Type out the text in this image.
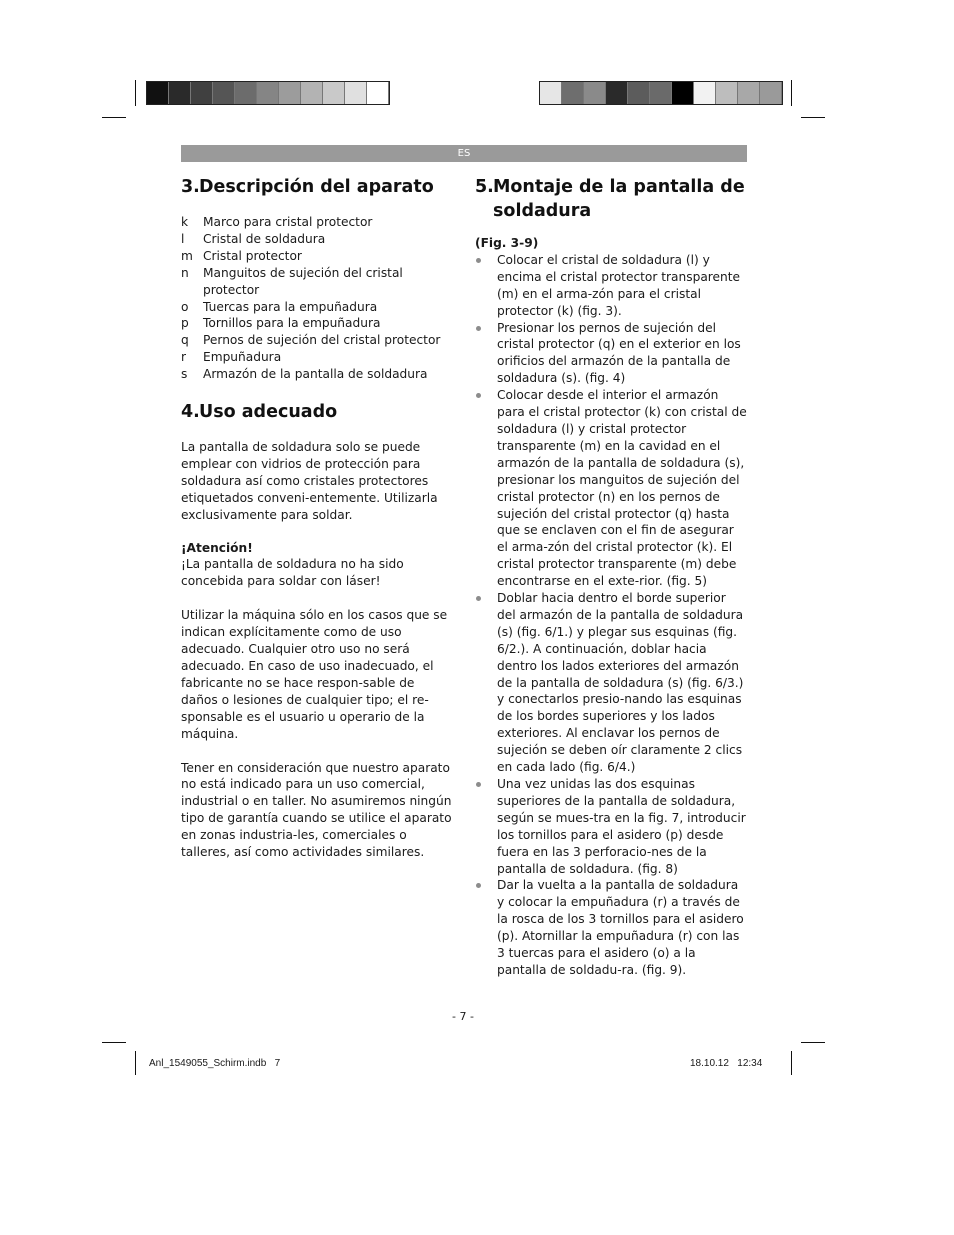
ES
3.Descripción del aparato
k	Marco para cristal protector
l	Cristal de soldadura
m Cristal protector
n	Manguitos de sujeción del cristal protector
o	Tuercas para la empuñadura
p	Tornillos para la empuñadura
q	Pernos de sujeción del cristal protector
r	Empuñadura
s	Armazón de la pantalla de soldadura
4.Uso adecuado

La pantalla de soldadura solo se puede emplear con vidrios de protección para soldadura así como cristales protectores etiquetados conveni-entemente. Utilizarla exclusivamente para soldar.

¡Atención!

¡La pantalla de soldadura no ha sido concebida para soldar con láser!

Utilizar la máquina sólo en los casos que se indican explícitamente como de uso adecuado. Cualquier otro uso no será adecuado. En caso de uso inadecuado, el fabricante no se hace respon-sable de daños o lesiones de cualquier tipo; el re-sponsable es el usuario u operario de la máquina.

Tener en consideración que nuestro aparato no está indicado para un uso comercial, industrial o en taller. No asumiremos ningún tipo de garantía cuando se utilice el aparato en zonas industria-les, comerciales o talleres, así como actividades similares.

5.Montaje de la pantalla de
soldadura

(Fig. 3-9)

Colocar el cristal de soldadura (l) y encima el cristal protector transparente (m) en el arma-zón para el cristal protector (k) (fig. 3).
Presionar los pernos de sujeción del cristal protector (q) en el exterior en los orificios del armazón de la pantalla de soldadura (s). (fig. 4)
Colocar desde el interior el armazón para el cristal protector (k) con cristal de soldadura (l) y cristal protector transparente (m) en la cavidad en el armazón de la pantalla de soldadura (s), presionar los manguitos de sujeción del cristal protector (n) en los pernos de sujeción del cristal protector (q) hasta que se enclaven con el fin de asegurar el arma-zón del cristal protector (k). El cristal protector transparente (m) debe encontrarse en el exte-rior. (fig. 5)
Doblar hacia dentro el borde superior del armazón de la pantalla de soldadura (s) (fig. 6/1.) y plegar sus esquinas (fig. 6/2.). A continuación, doblar hacia dentro los lados exteriores del armazón de la pantalla de soldadura (s) (fig. 6/3.) y conectarlos presio-nando las esquinas de los bordes superiores y los lados exteriores. Al enclavar los pernos de sujeción se deben oír claramente 2 clics en cada lado (fig. 6/4.)
Una vez unidas las dos esquinas superiores de la pantalla de soldadura, según se mues-tra en la fig. 7, introducir los tornillos para el asidero (p) desde fuera en las 3 perforacio-nes de la pantalla de soldadura. (fig. 8)
Dar la vuelta a la pantalla de soldadura y colocar la empuñadura (r) a través de la rosca de los 3 tornillos para el asidero (p). Atornillar la empuñadura (r) con las 3 tuercas para el asidero (o) a la pantalla de soldadu-ra. (fig. 9).
- 7 -
Anl_1549055_Schirm.indb   7	18.10.12   12:34
